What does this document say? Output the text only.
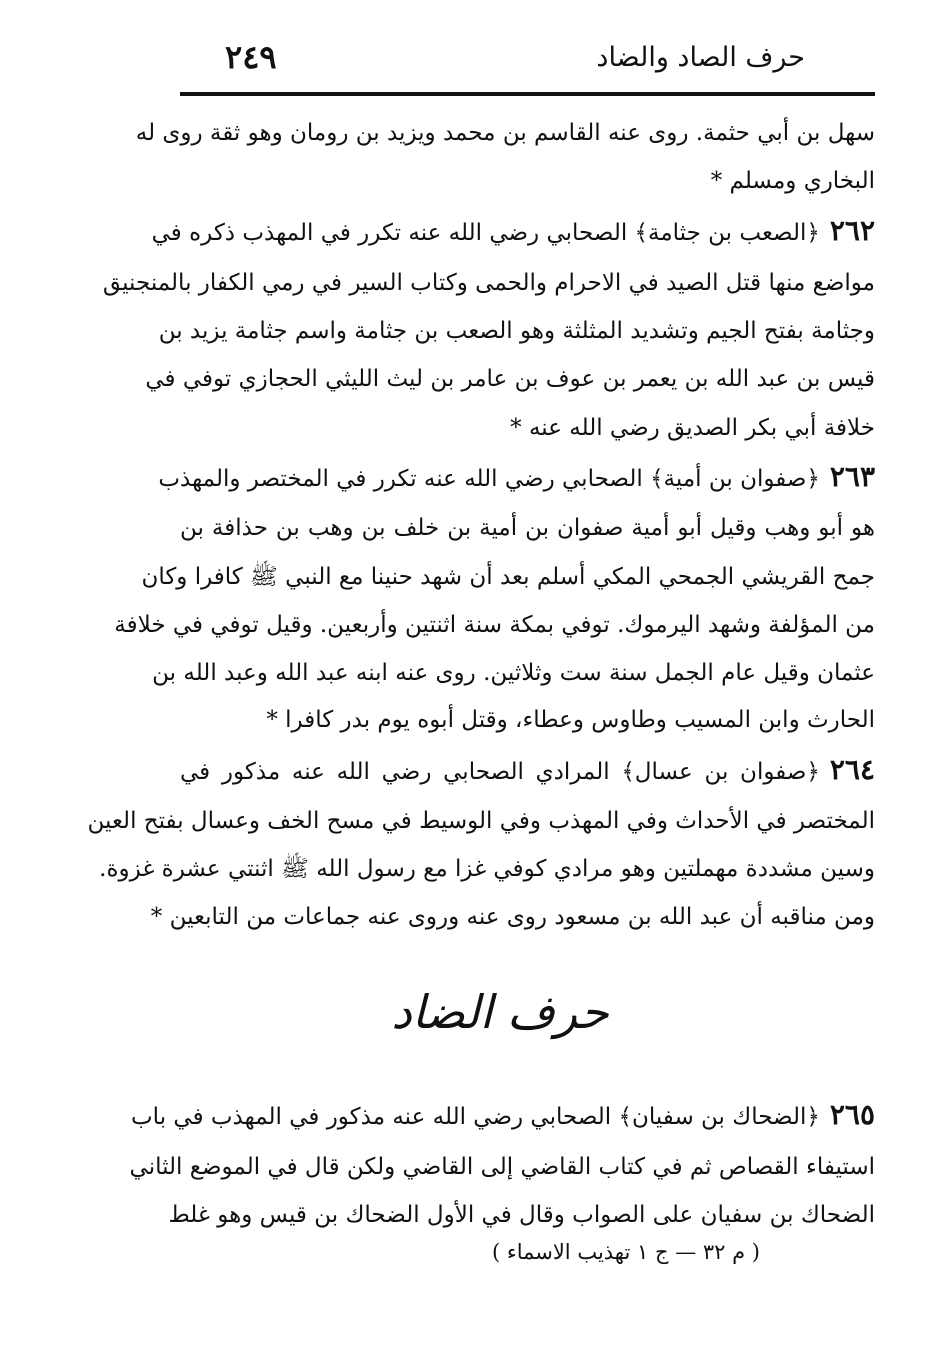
حرف الصاد والضاد
٢٤٩
سهل بن أبي حثمة. روى عنه القاسم بن محمد ويزيد بن رومان وهو ثقة روى له
البخاري ومسلم *
٢٦٢﴿الصعب بن جثامة﴾ الصحابي رضي الله عنه تكرر في المهذب ذكره في
مواضع منها قتل الصيد في الاحرام والحمى وكتاب السير في رمي الكفار بالمنجنيق
وجثامة بفتح الجيم وتشديد المثلثة وهو الصعب بن جثامة واسم جثامة يزيد بن
قيس بن عبد الله بن يعمر بن عوف بن عامر بن ليث الليثي الحجازي توفي في
خلافة أبي بكر الصديق رضي الله عنه *
٢٦٣﴿صفوان بن أمية﴾ الصحابي رضي الله عنه تكرر في المختصر والمهذب
هو أبو وهب وقيل أبو أمية صفوان بن أمية بن خلف بن وهب بن حذافة بن
جمح القريشي الجمحي المكي أسلم بعد أن شهد حنينا مع النبي ﷺ كافرا وكان
من المؤلفة وشهد اليرموك. توفي بمكة سنة اثنتين وأربعين. وقيل توفي في خلافة
عثمان وقيل عام الجمل سنة ست وثلاثين. روى عنه ابنه عبد الله وعبد الله بن
الحارث وابن المسيب وطاوس وعطاء، وقتل أبوه يوم بدر كافرا *
٢٦٤﴿صفوان بن عسال﴾ المرادي الصحابي رضي الله عنه مذكور في
المختصر في الأحداث وفي المهذب وفي الوسيط في مسح الخف وعسال بفتح العين
وسين مشددة مهملتين وهو مرادي كوفي غزا مع رسول الله ﷺ اثنتي عشرة غزوة.
ومن مناقبه أن عبد الله بن مسعود روى عنه وروى عنه جماعات من التابعين *
حرف الضاد
٢٦٥﴿الضحاك بن سفيان﴾ الصحابي رضي الله عنه مذكور في المهذب في باب
استيفاء القصاص ثم في كتاب القاضي إلى القاضي ولكن قال في الموضع الثاني
الضحاك بن سفيان على الصواب وقال في الأول الضحاك بن قيس وهو غلط
( م ٣٢ — ج ١ تهذيب الاسماء )
